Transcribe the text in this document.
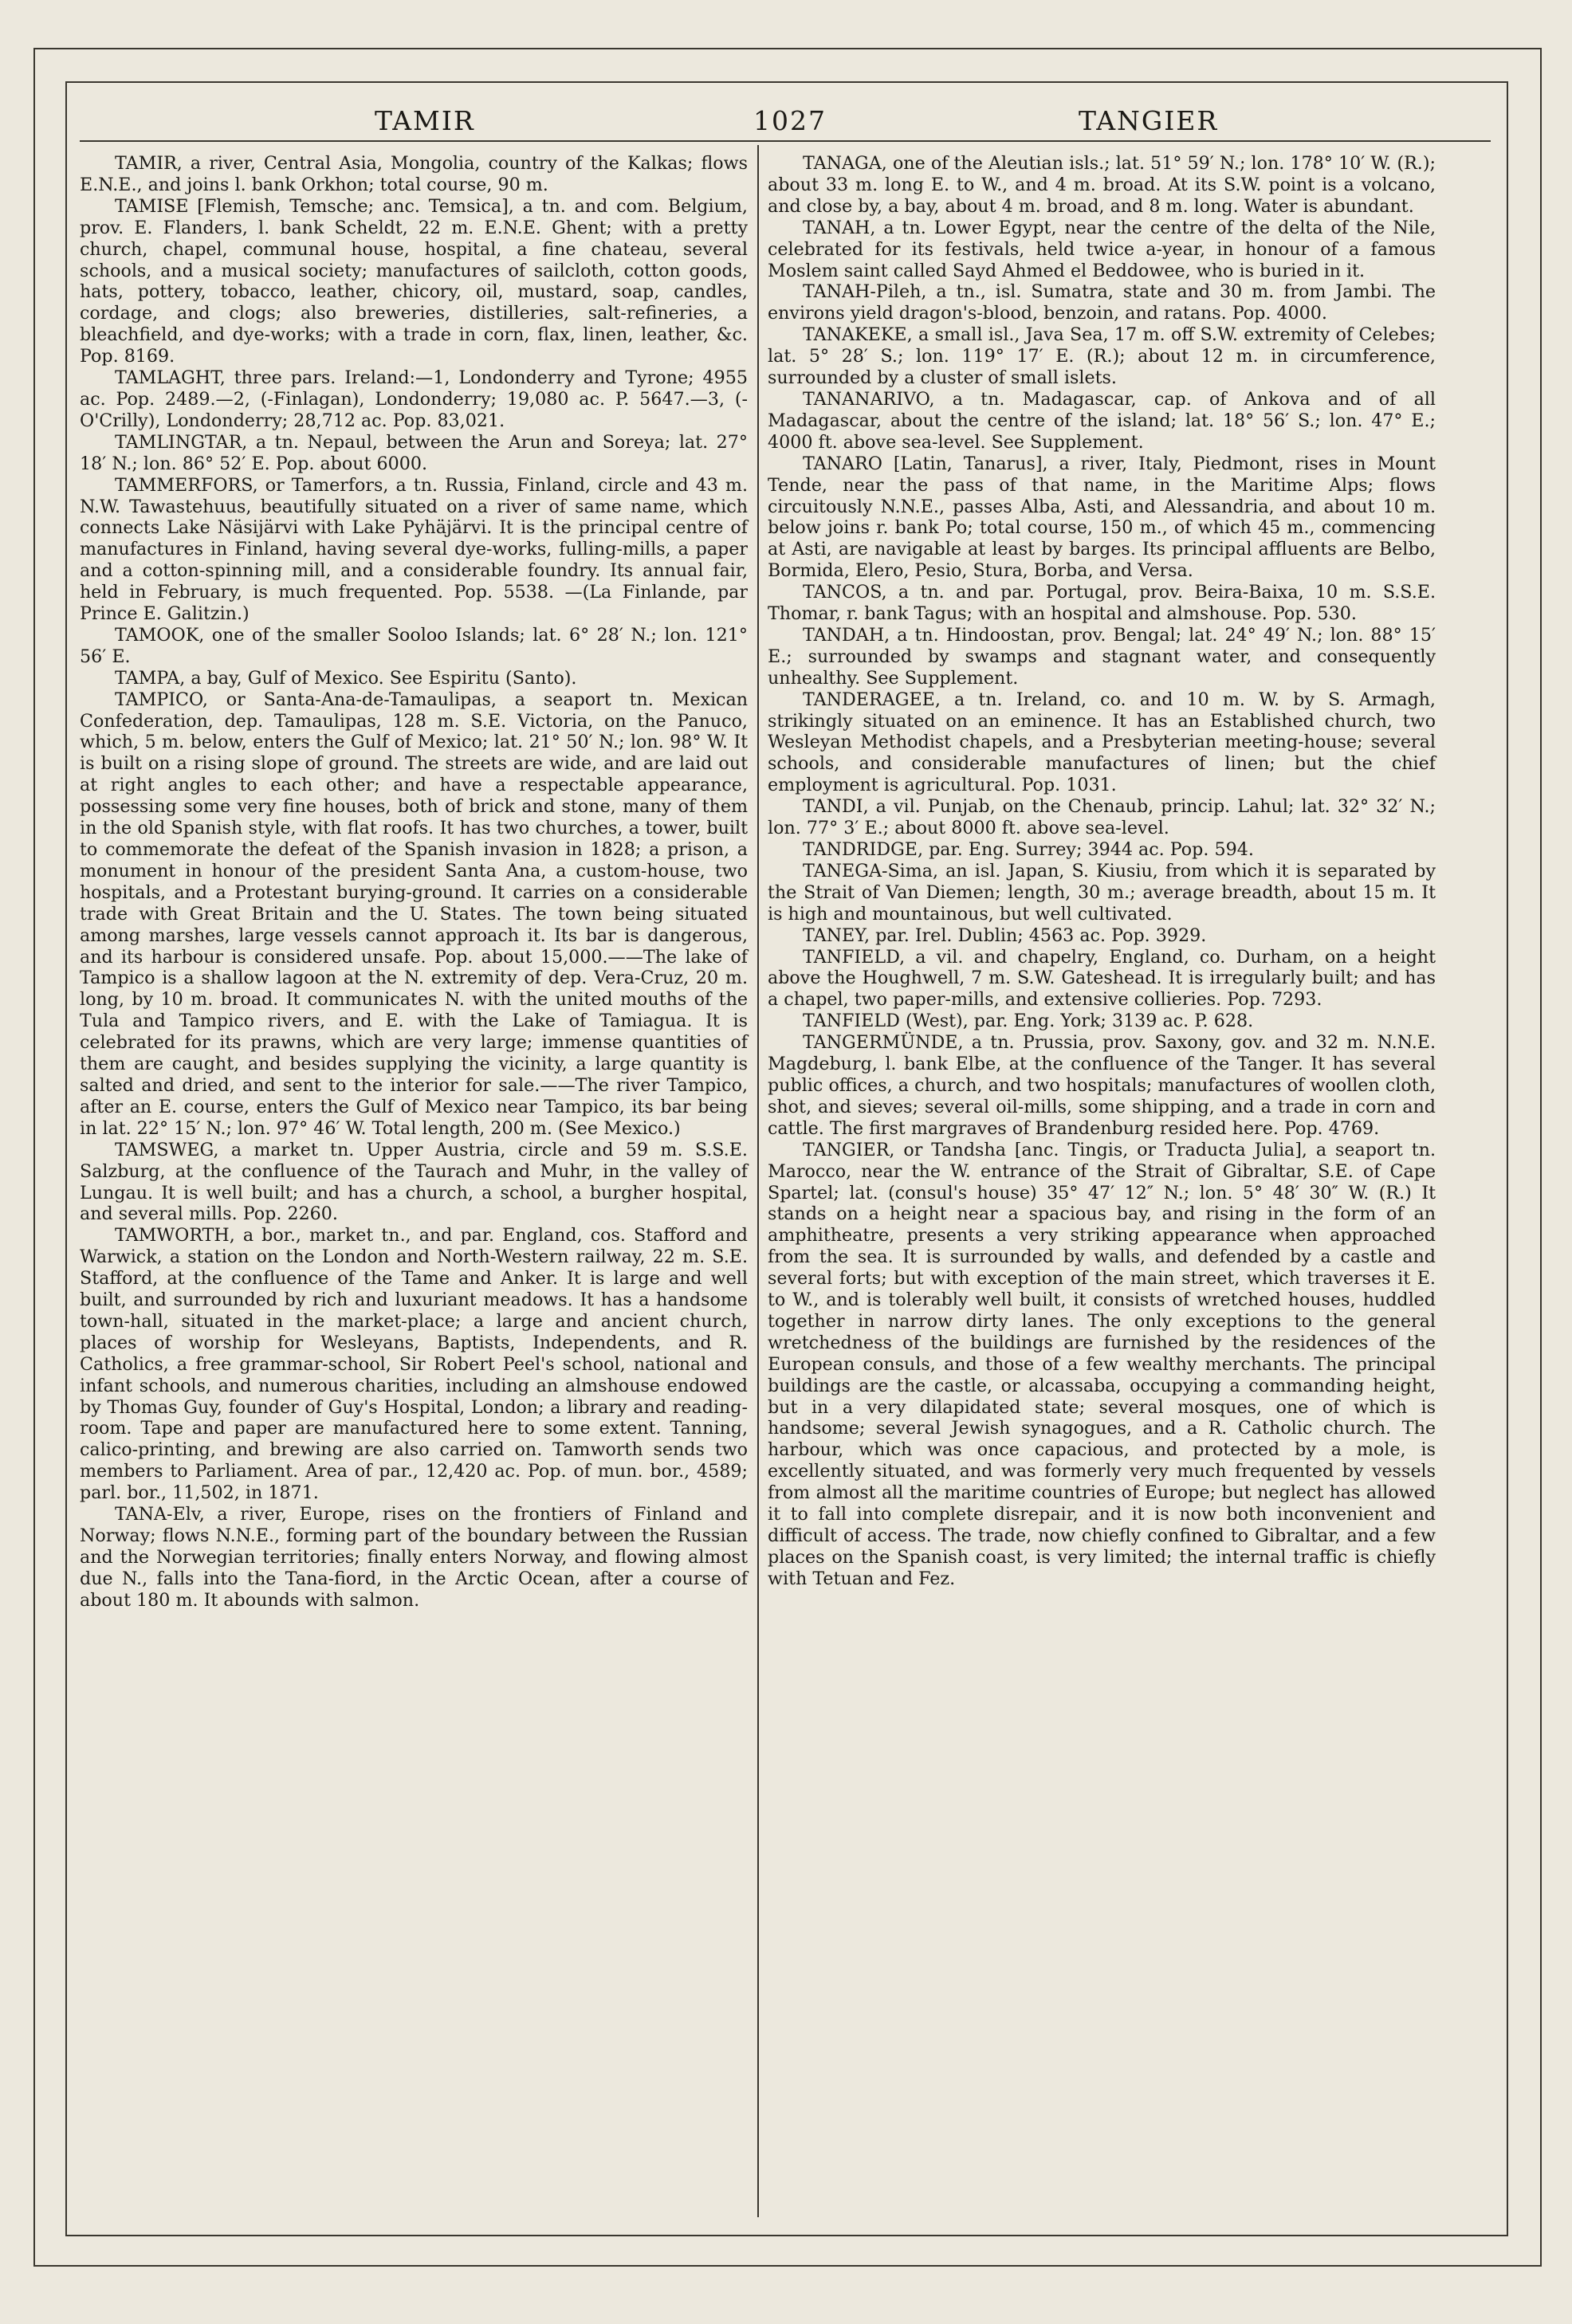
TAMIR	1027	TANGIER

TAMIR, a river, Central Asia, Mongolia, country of the Kalkas; flows E.N.E., and joins l. bank Orkhon; total course, 90 m.

TAMISE [Flemish, Temsche; anc. Temsica], a tn. and com. Belgium, prov. E. Flanders, l. bank Scheldt, 22 m. E.N.E. Ghent; with a pretty church, chapel, communal house, hospital, a fine chateau, several schools, and a musical society; manufactures of sailcloth, cotton goods, hats, pottery, tobacco, leather, chicory, oil, mustard, soap, candles, cordage, and clogs; also breweries, distilleries, salt-refineries, a bleachfield, and dye-works; with a trade in corn, flax, linen, leather, &c. Pop. 8169.

TAMLAGHT, three pars. Ireland:—1, Londonderry and Tyrone; 4955 ac. Pop. 2489.—2, (-Finlagan), Londonderry; 19,080 ac. P. 5647.—3, (-O'Crilly), Londonderry; 28,712 ac. Pop. 83,021.

TAMLINGTAR, a tn. Nepaul, between the Arun and Soreya; lat. 27° 18′ N.; lon. 86° 52′ E. Pop. about 6000.

TAMMERFORS, or Tamerfors, a tn. Russia, Finland, circle and 43 m. N.W. Tawastehuus, beautifully situated on a river of same name, which connects Lake Näsijärvi with Lake Pyhäjärvi. It is the principal centre of manufactures in Finland, having several dye-works, fulling-mills, a paper and a cotton-spinning mill, and a considerable foundry. Its annual fair, held in February, is much frequented. Pop. 5538. —(La Finlande, par Prince E. Galitzin.)

TAMOOK, one of the smaller Sooloo Islands; lat. 6° 28′ N.; lon. 121° 56′ E.

TAMPA, a bay, Gulf of Mexico. See Espiritu (Santo).

TAMPICO, or Santa-Ana-de-Tamaulipas, a seaport tn. Mexican Confederation, dep. Tamaulipas, 128 m. S.E. Victoria, on the Panuco, which, 5 m. below, enters the Gulf of Mexico; lat. 21° 50′ N.; lon. 98° W. It is built on a rising slope of ground. The streets are wide, and are laid out at right angles to each other; and have a respectable appearance, possessing some very fine houses, both of brick and stone, many of them in the old Spanish style, with flat roofs. It has two churches, a tower, built to commemorate the defeat of the Spanish invasion in 1828; a prison, a monument in honour of the president Santa Ana, a custom-house, two hospitals, and a Protestant burying-ground. It carries on a considerable trade with Great Britain and the U. States. The town being situated among marshes, large vessels cannot approach it. Its bar is dangerous, and its harbour is considered unsafe. Pop. about 15,000.——The lake of Tampico is a shallow lagoon at the N. extremity of dep. Vera-Cruz, 20 m. long, by 10 m. broad. It communicates N. with the united mouths of the Tula and Tampico rivers, and E. with the Lake of Tamiagua. It is celebrated for its prawns, which are very large; immense quantities of them are caught, and besides supplying the vicinity, a large quantity is salted and dried, and sent to the interior for sale.——The river Tampico, after an E. course, enters the Gulf of Mexico near Tampico, its bar being in lat. 22° 15′ N.; lon. 97° 46′ W. Total length, 200 m. (See Mexico.)

TAMSWEG, a market tn. Upper Austria, circle and 59 m. S.S.E. Salzburg, at the confluence of the Taurach and Muhr, in the valley of Lungau. It is well built; and has a church, a school, a burgher hospital, and several mills. Pop. 2260.

TAMWORTH, a bor., market tn., and par. England, cos. Stafford and Warwick, a station on the London and North-Western railway, 22 m. S.E. Stafford, at the confluence of the Tame and Anker. It is large and well built, and surrounded by rich and luxuriant meadows. It has a handsome town-hall, situated in the market-place; a large and ancient church, places of worship for Wesleyans, Baptists, Independents, and R. Catholics, a free grammar-school, Sir Robert Peel's school, national and infant schools, and numerous charities, including an almshouse endowed by Thomas Guy, founder of Guy's Hospital, London; a library and reading-room. Tape and paper are manufactured here to some extent. Tanning, calico-printing, and brewing are also carried on. Tamworth sends two members to Parliament. Area of par., 12,420 ac. Pop. of mun. bor., 4589; parl. bor., 11,502, in 1871.

TANA-Elv, a river, Europe, rises on the frontiers of Finland and Norway; flows N.N.E., forming part of the boundary between the Russian and the Norwegian territories; finally enters Norway, and flowing almost due N., falls into the Tana-fiord, in the Arctic Ocean, after a course of about 180 m. It abounds with salmon.

TANAGA, one of the Aleutian isls.; lat. 51° 59′ N.; lon. 178° 10′ W. (R.); about 33 m. long E. to W., and 4 m. broad. At its S.W. point is a volcano, and close by, a bay, about 4 m. broad, and 8 m. long. Water is abundant.

TANAH, a tn. Lower Egypt, near the centre of the delta of the Nile, celebrated for its festivals, held twice a-year, in honour of a famous Moslem saint called Sayd Ahmed el Beddowee, who is buried in it.

TANAH-Pileh, a tn., isl. Sumatra, state and 30 m. from Jambi. The environs yield dragon's-blood, benzoin, and ratans. Pop. 4000.

TANAKEKE, a small isl., Java Sea, 17 m. off S.W. extremity of Celebes; lat. 5° 28′ S.; lon. 119° 17′ E. (R.); about 12 m. in circumference, surrounded by a cluster of small islets.

TANANARIVO, a tn. Madagascar, cap. of Ankova and of all Madagascar, about the centre of the island; lat. 18° 56′ S.; lon. 47° E.; 4000 ft. above sea-level. See Supplement.

TANARO [Latin, Tanarus], a river, Italy, Piedmont, rises in Mount Tende, near the pass of that name, in the Maritime Alps; flows circuitously N.N.E., passes Alba, Asti, and Alessandria, and about 10 m. below joins r. bank Po; total course, 150 m., of which 45 m., commencing at Asti, are navigable at least by barges. Its principal affluents are Belbo, Bormida, Elero, Pesio, Stura, Borba, and Versa.

TANCOS, a tn. and par. Portugal, prov. Beira-Baixa, 10 m. S.S.E. Thomar, r. bank Tagus; with an hospital and almshouse. Pop. 530.

TANDAH, a tn. Hindoostan, prov. Bengal; lat. 24° 49′ N.; lon. 88° 15′ E.; surrounded by swamps and stagnant water, and consequently unhealthy. See Supplement.

TANDERAGEE, a tn. Ireland, co. and 10 m. W. by S. Armagh, strikingly situated on an eminence. It has an Established church, two Wesleyan Methodist chapels, and a Presbyterian meeting-house; several schools, and considerable manufactures of linen; but the chief employment is agricultural. Pop. 1031.

TANDI, a vil. Punjab, on the Chenaub, princip. Lahul; lat. 32° 32′ N.; lon. 77° 3′ E.; about 8000 ft. above sea-level.

TANDRIDGE, par. Eng. Surrey; 3944 ac. Pop. 594.

TANEGA-Sima, an isl. Japan, S. Kiusiu, from which it is separated by the Strait of Van Diemen; length, 30 m.; average breadth, about 15 m. It is high and mountainous, but well cultivated.

TANEY, par. Irel. Dublin; 4563 ac. Pop. 3929.

TANFIELD, a vil. and chapelry, England, co. Durham, on a height above the Houghwell, 7 m. S.W. Gateshead. It is irregularly built; and has a chapel, two paper-mills, and extensive collieries. Pop. 7293.

TANFIELD (West), par. Eng. York; 3139 ac. P. 628.

TANGERMÜNDE, a tn. Prussia, prov. Saxony, gov. and 32 m. N.N.E. Magdeburg, l. bank Elbe, at the confluence of the Tanger. It has several public offices, a church, and two hospitals; manufactures of woollen cloth, shot, and sieves; several oil-mills, some shipping, and a trade in corn and cattle. The first margraves of Brandenburg resided here. Pop. 4769.

TANGIER, or Tandsha [anc. Tingis, or Traducta Julia], a seaport tn. Marocco, near the W. entrance of the Strait of Gibraltar, S.E. of Cape Spartel; lat. (consul's house) 35° 47′ 12″ N.; lon. 5° 48′ 30″ W. (R.) It stands on a height near a spacious bay, and rising in the form of an amphitheatre, presents a very striking appearance when approached from the sea. It is surrounded by walls, and defended by a castle and several forts; but with exception of the main street, which traverses it E. to W., and is tolerably well built, it consists of wretched houses, huddled together in narrow dirty lanes. The only exceptions to the general wretchedness of the buildings are furnished by the residences of the European consuls, and those of a few wealthy merchants. The principal buildings are the castle, or alcassaba, occupying a commanding height, but in a very dilapidated state; several mosques, one of which is handsome; several Jewish synagogues, and a R. Catholic church. The harbour, which was once capacious, and protected by a mole, is excellently situated, and was formerly very much frequented by vessels from almost all the maritime countries of Europe; but neglect has allowed it to fall into complete disrepair, and it is now both inconvenient and difficult of access. The trade, now chiefly confined to Gibraltar, and a few places on the Spanish coast, is very limited; the internal traffic is chiefly with Tetuan and Fez.
